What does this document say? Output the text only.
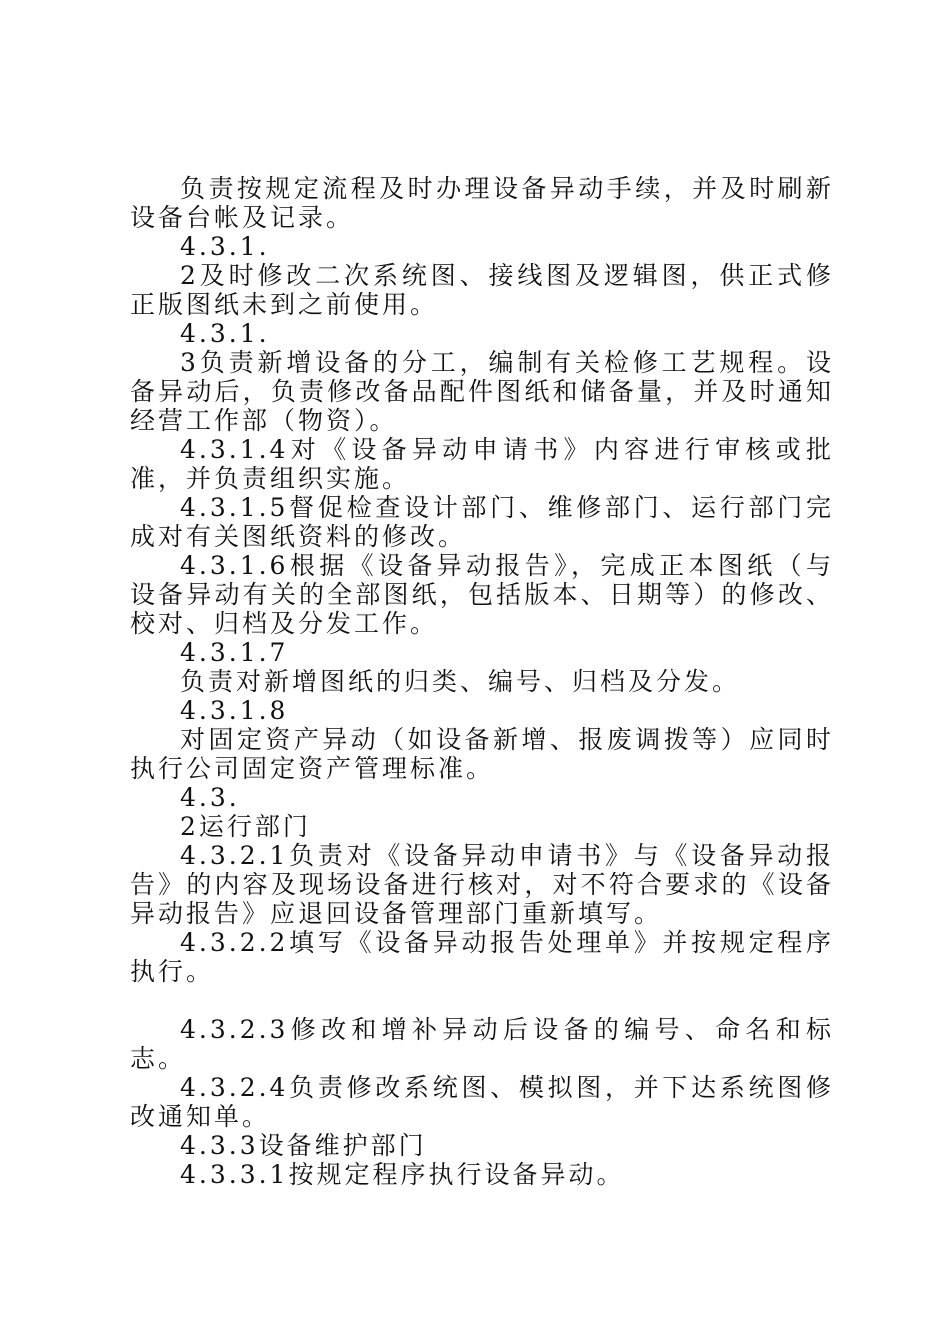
负责按规定流程及时办理设备异动手续，并及时刷新设备台帐及记录。

4.3.1.

2及时修改二次系统图、接线图及逻辑图，供正式修正版图纸未到之前使用。

4.3.1.

3负责新增设备的分工，编制有关检修工艺规程。设备异动后，负责修改备品配件图纸和储备量，并及时通知经营工作部（物资）。

4.3.1.4对《设备异动申请书》内容进行审核或批准，并负责组织实施。

4.3.1.5督促检查设计部门、维修部门、运行部门完成对有关图纸资料的修改。

4.3.1.6根据《设备异动报告》，完成正本图纸（与设备异动有关的全部图纸，包括版本、日期等）的修改、校对、归档及分发工作。

4.3.1.7

负责对新增图纸的归类、编号、归档及分发。

4.3.1.8

对固定资产异动（如设备新增、报废调拨等）应同时执行公司固定资产管理标准。

4.3.

2运行部门

4.3.2.1负责对《设备异动申请书》与《设备异动报告》的内容及现场设备进行核对，对不符合要求的《设备异动报告》应退回设备管理部门重新填写。

4.3.2.2填写《设备异动报告处理单》并按规定程序执行。

4.3.2.3修改和增补异动后设备的编号、命名和标志。

4.3.2.4负责修改系统图、模拟图，并下达系统图修改通知单。

4.3.3设备维护部门

4.3.3.1按规定程序执行设备异动。
